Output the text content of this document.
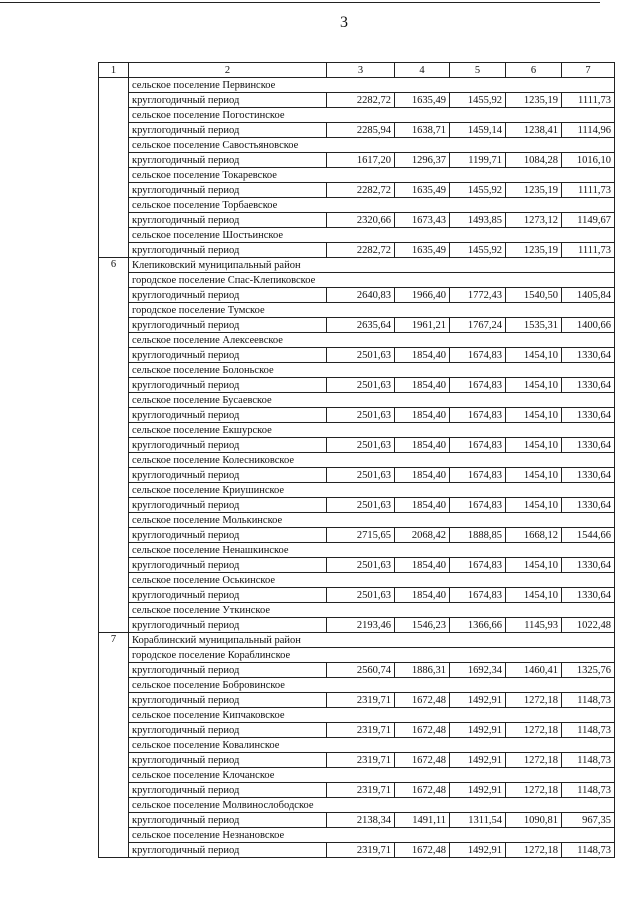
3
1	2	3	4	5	6	7
	сельское поселение Первинское					
	круглогодичный период	2282,72	1635,49	1455,92	1235,19	1111,73
	сельское поселение Погостинское					
	круглогодичный период	2285,94	1638,71	1459,14	1238,41	1114,96
	сельское поселение Савостьяновское					
	круглогодичный период	1617,20	1296,37	1199,71	1084,28	1016,10
	сельское поселение Токаревское					
	круглогодичный период	2282,72	1635,49	1455,92	1235,19	1111,73
	сельское поселение Торбаевское					
	круглогодичный период	2320,66	1673,43	1493,85	1273,12	1149,67
	сельское поселение Шостьинское					
	круглогодичный период	2282,72	1635,49	1455,92	1235,19	1111,73
6	Клепиковский муниципальный район					
	городское поселение Спас-Клепиковское					
	круглогодичный период	2640,83	1966,40	1772,43	1540,50	1405,84
	городское поселение Тумское					
	круглогодичный период	2635,64	1961,21	1767,24	1535,31	1400,66
	сельское поселение Алексеевское					
	круглогодичный период	2501,63	1854,40	1674,83	1454,10	1330,64
	сельское поселение Болоньское					
	круглогодичный период	2501,63	1854,40	1674,83	1454,10	1330,64
	сельское поселение Бусаевское					
	круглогодичный период	2501,63	1854,40	1674,83	1454,10	1330,64
	сельское поселение Екшурское					
	круглогодичный период	2501,63	1854,40	1674,83	1454,10	1330,64
	сельское поселение Колесниковское					
	круглогодичный период	2501,63	1854,40	1674,83	1454,10	1330,64
	сельское поселение Криушинское					
	круглогодичный период	2501,63	1854,40	1674,83	1454,10	1330,64
	сельское поселение Молькинское					
	круглогодичный период	2715,65	2068,42	1888,85	1668,12	1544,66
	сельское поселение Ненашкинское					
	круглогодичный период	2501,63	1854,40	1674,83	1454,10	1330,64
	сельское поселение Оськинское					
	круглогодичный период	2501,63	1854,40	1674,83	1454,10	1330,64
	сельское поселение Уткинское					
	круглогодичный период	2193,46	1546,23	1366,66	1145,93	1022,48
7	Кораблинский муниципальный район					
	городское поселение Кораблинское					
	круглогодичный период	2560,74	1886,31	1692,34	1460,41	1325,76
	сельское поселение Бобровинское					
	круглогодичный период	2319,71	1672,48	1492,91	1272,18	1148,73
	сельское поселение Кипчаковское					
	круглогодичный период	2319,71	1672,48	1492,91	1272,18	1148,73
	сельское поселение Ковалинское					
	круглогодичный период	2319,71	1672,48	1492,91	1272,18	1148,73
	сельское поселение Клочанское					
	круглогодичный период	2319,71	1672,48	1492,91	1272,18	1148,73
	сельское поселение Молвинослободское					
	круглогодичный период	2138,34	1491,11	1311,54	1090,81	967,35
	сельское поселение Незнановское					
	круглогодичный период	2319,71	1672,48	1492,91	1272,18	1148,73
